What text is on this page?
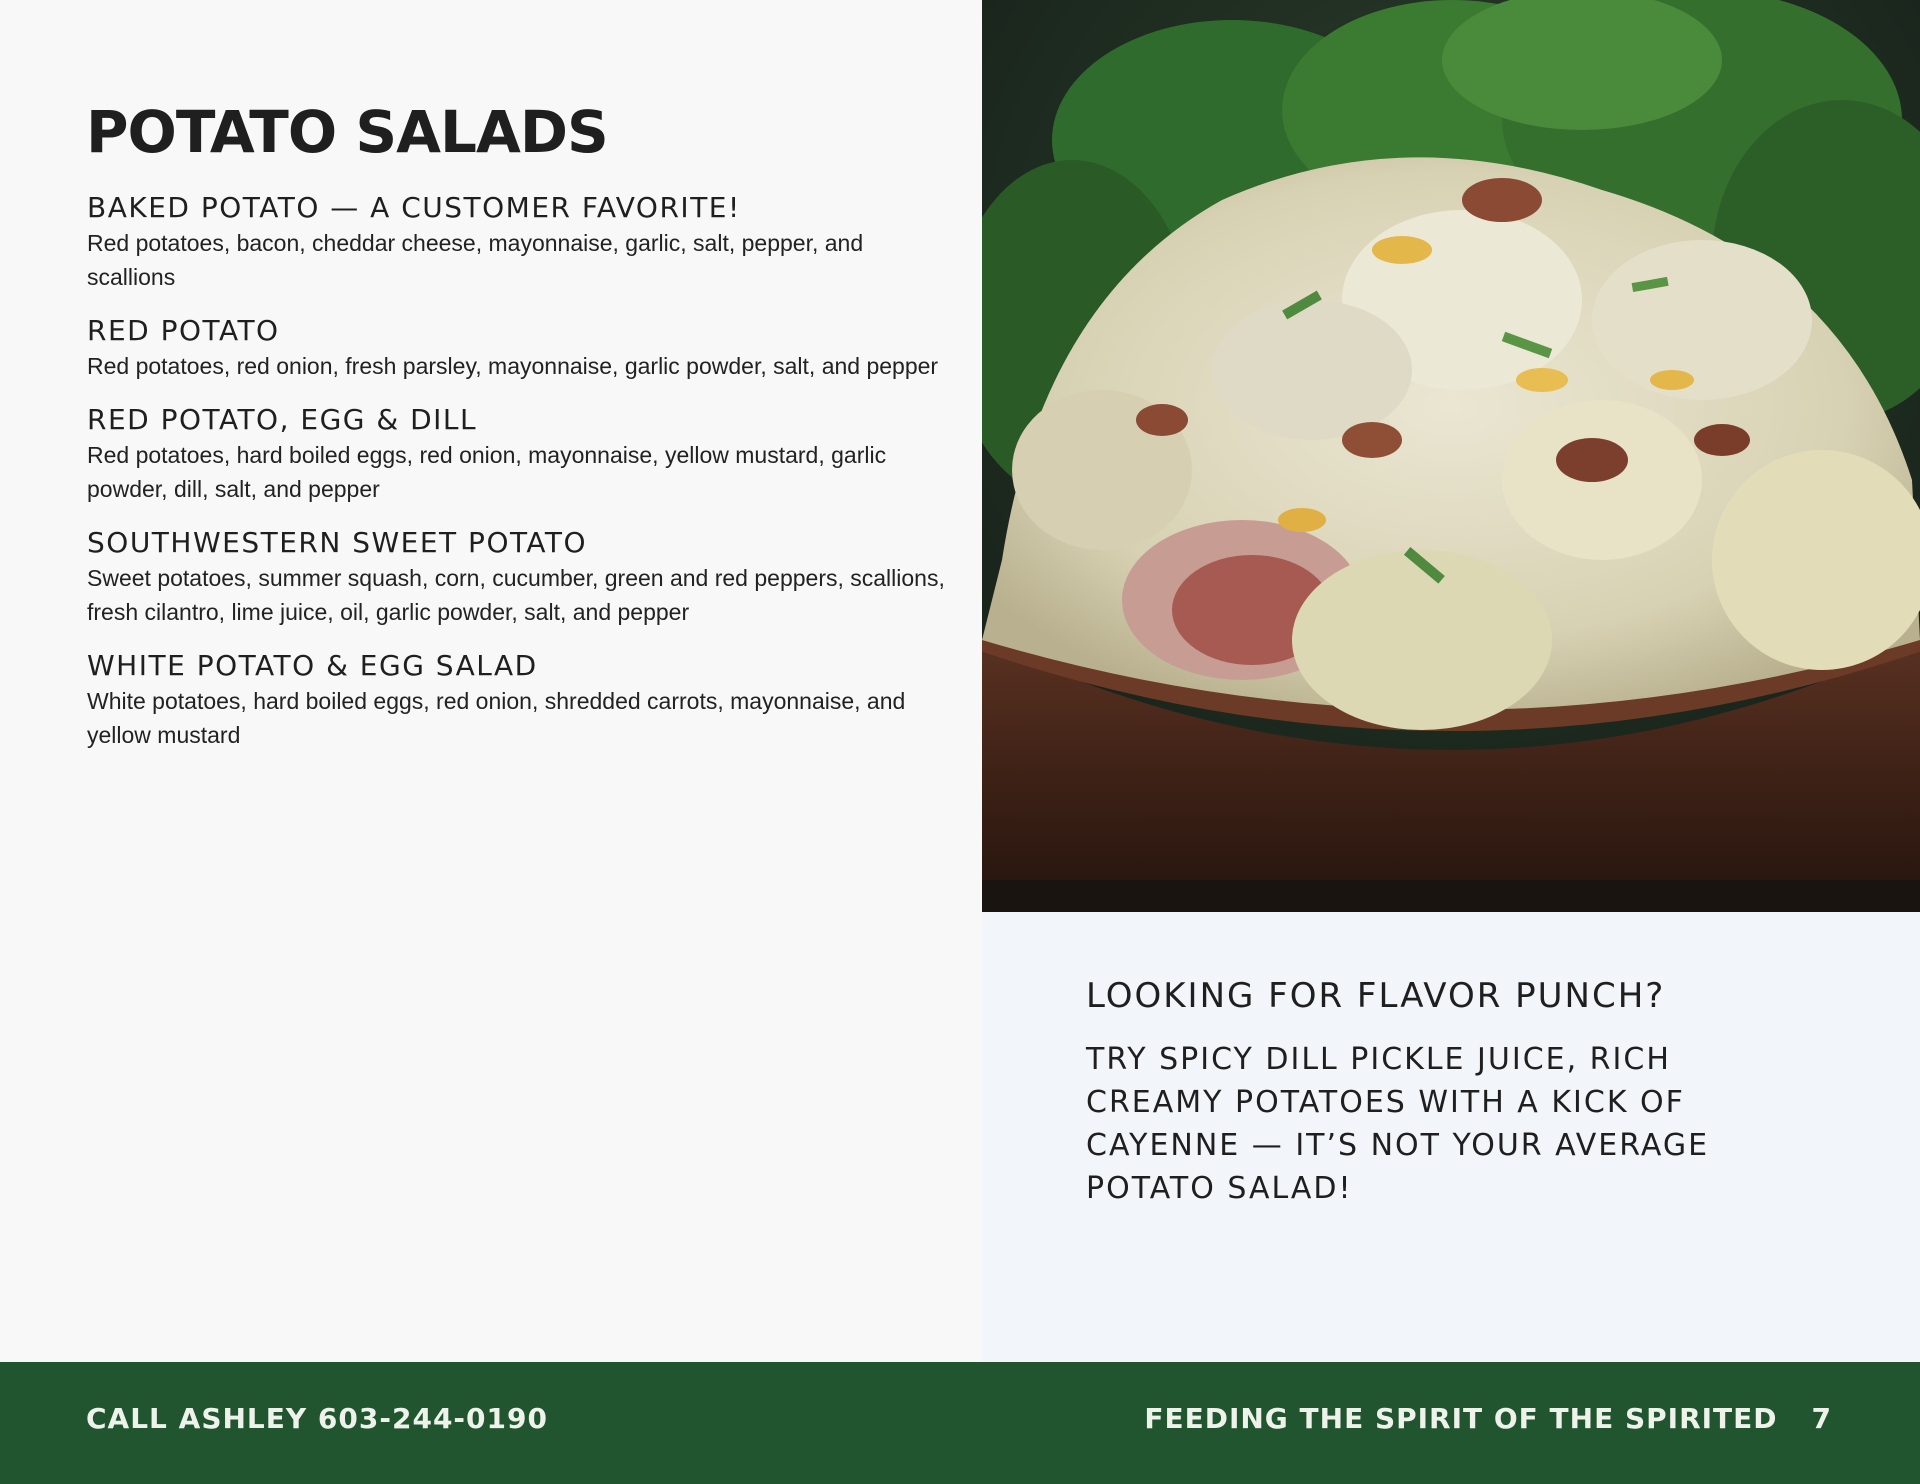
POTATO SALADS
BAKED POTATO — A CUSTOMER FAVORITE!
Red potatoes, bacon, cheddar cheese, mayonnaise, garlic, salt, pepper, and scallions
RED POTATO
Red potatoes, red onion, fresh parsley, mayonnaise, garlic powder, salt, and pepper
RED POTATO, EGG & DILL
Red potatoes, hard boiled eggs, red onion, mayonnaise, yellow mustard, garlic powder, dill, salt, and pepper
SOUTHWESTERN SWEET POTATO
Sweet potatoes, summer squash, corn, cucumber, green and red peppers, scallions, fresh cilantro, lime juice, oil, garlic powder, salt, and pepper
WHITE POTATO & EGG SALAD
White potatoes, hard boiled eggs, red onion, shredded carrots, mayonnaise, and yellow mustard
LOOKING FOR FLAVOR PUNCH?
TRY SPICY DILL PICKLE JUICE, RICH CREAMY POTATOES WITH A KICK OF CAYENNE — IT’S NOT YOUR AVERAGE POTATO SALAD!
CALL ASHLEY 603-244-0190	FEEDING THE SPIRIT OF THE SPIRITED 7
